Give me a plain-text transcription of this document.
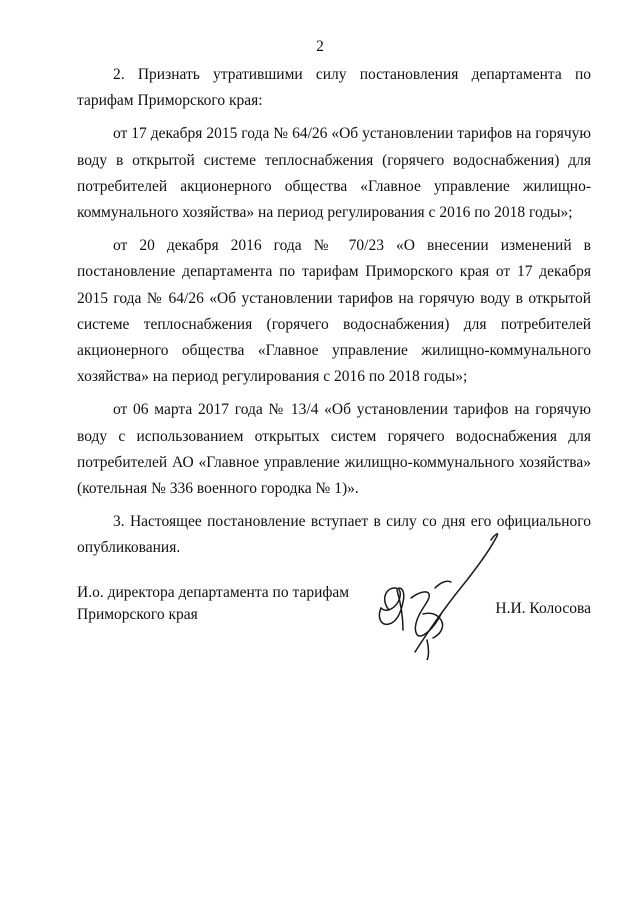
2

2. Признать утратившими силу постановления департамента по тарифам Приморского края:

от 17 декабря 2015 года № 64/26 «Об установлении тарифов на горячую воду в открытой системе теплоснабжения (горячего водоснабжения) для потребителей акционерного общества «Главное управление жилищно-коммунального хозяйства» на период регулирования с 2016 по 2018 годы»;

от 20 декабря 2016 года № 70/23 «О внесении изменений в постановление департамента по тарифам Приморского края от 17 декабря 2015 года № 64/26 «Об установлении тарифов на горячую воду в открытой системе теплоснабжения (горячего водоснабжения) для потребителей акционерного общества «Главное управление жилищно-коммунального хозяйства» на период регулирования с 2016 по 2018 годы»;

от 06 марта 2017 года № 13/4 «Об установлении тарифов на горячую воду с использованием открытых систем горячего водоснабжения для потребителей АО «Главное управление жилищно-коммунального хозяйства» (котельная № 336 военного городка № 1)».

3. Настоящее постановление вступает в силу со дня его официального опубликования.

И.о. директора департамента по тарифам
Приморского края	Н.И. Колосова
